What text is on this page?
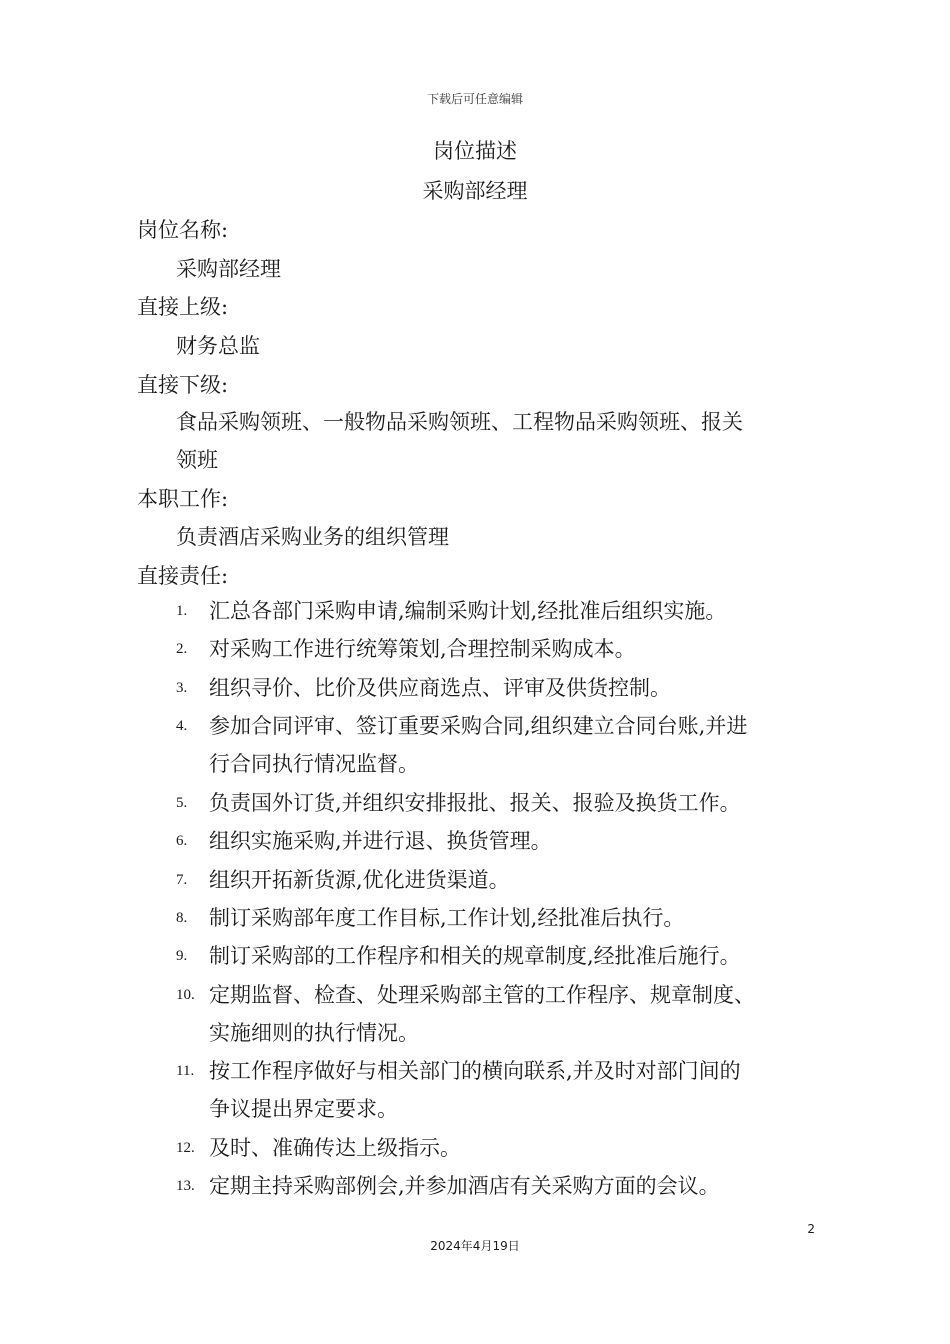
下载后可任意编辑
岗位描述
采购部经理
岗位名称:
采购部经理
直接上级:
财务总监
直接下级:
食品采购领班、一般物品采购领班、工程物品采购领班、报关
领班
本职工作:
负责酒店采购业务的组织管理
直接责任:
1. 汇总各部门采购申请,编制采购计划,经批准后组织实施。
2. 对采购工作进行统筹策划,合理控制采购成本。
3. 组织寻价、比价及供应商选点、评审及供货控制。
4. 参加合同评审、签订重要采购合同,组织建立合同台账,并进
行合同执行情况监督。
5. 负责国外订货,并组织安排报批、报关、报验及换货工作。
6. 组织实施采购,并进行退、换货管理。
7. 组织开拓新货源,优化进货渠道。
8. 制订采购部年度工作目标,工作计划,经批准后执行。
9. 制订采购部的工作程序和相关的规章制度,经批准后施行。
10. 定期监督、检查、处理采购部主管的工作程序、规章制度、
实施细则的执行情况。
11. 按工作程序做好与相关部门的横向联系,并及时对部门间的
争议提出界定要求。
12. 及时、准确传达上级指示。
13. 定期主持采购部例会,并参加酒店有关采购方面的会议。
2
2024年4月19日
